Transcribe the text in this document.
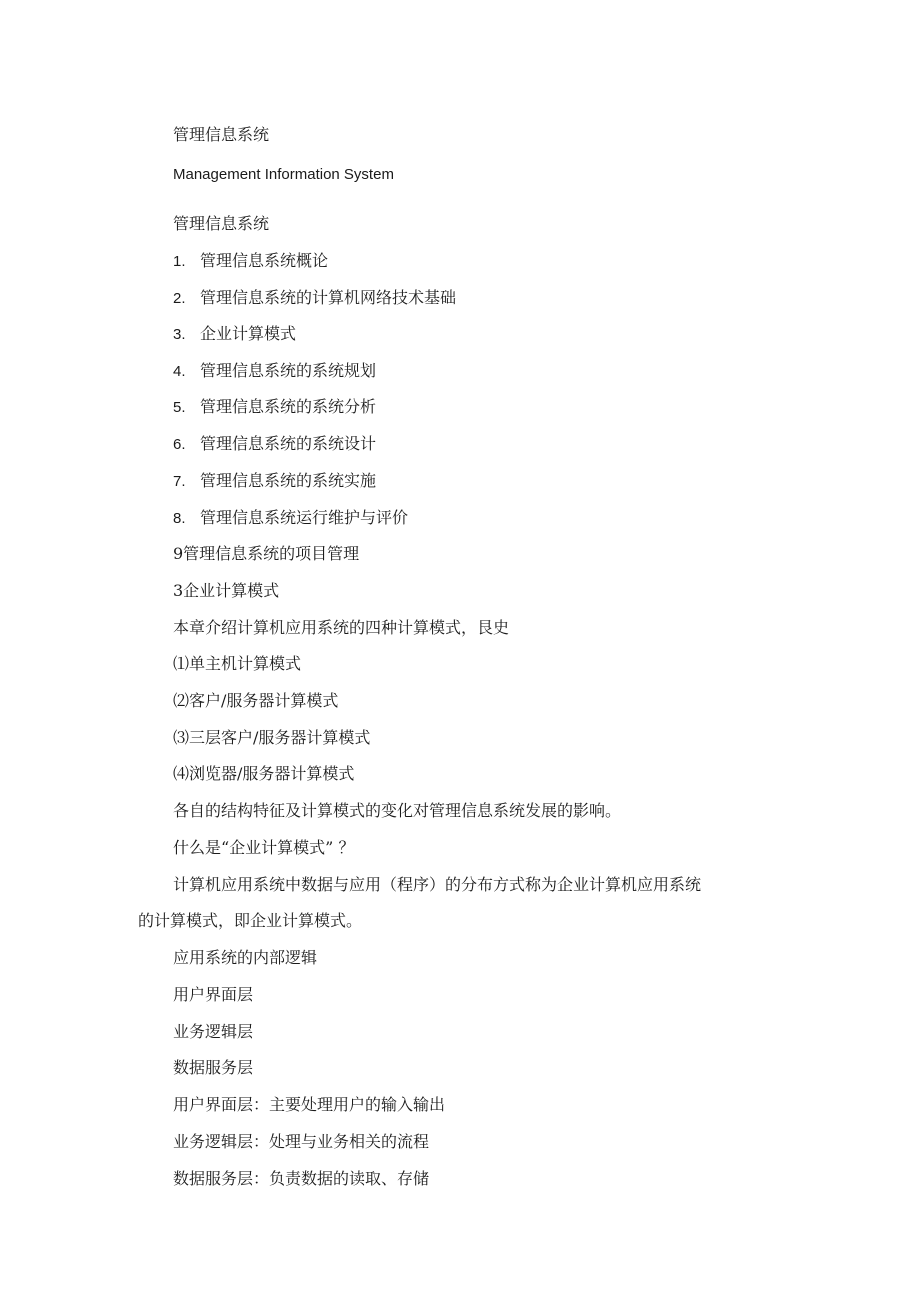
管理信息系统
Management Information System
管理信息系统
1. 管理信息系统概论
2. 管理信息系统的计算机网络技术基础
3. 企业计算模式
4. 管理信息系统的系统规划
5. 管理信息系统的系统分析
6. 管理信息系统的系统设计
7. 管理信息系统的系统实施
8. 管理信息系统运行维护与评价
9管理信息系统的项目管理
3企业计算模式
本章介绍计算机应用系统的四种计算模式，艮史
⑴单主机计算模式
⑵客户/服务器计算模式
⑶三层客户/服务器计算模式
⑷浏览器/服务器计算模式
各自的结构特征及计算模式的变化对管理信息系统发展的影响。
什么是“企业计算模式” ？
计算机应用系统中数据与应用（程序）的分布方式称为企业计算机应用系统
的计算模式，即企业计算模式。
应用系统的内部逻辑
用户界面层
业务逻辑层
数据服务层
用户界面层：主要处理用户的输入输出
业务逻辑层：处理与业务相关的流程
数据服务层：负责数据的读取、存储
